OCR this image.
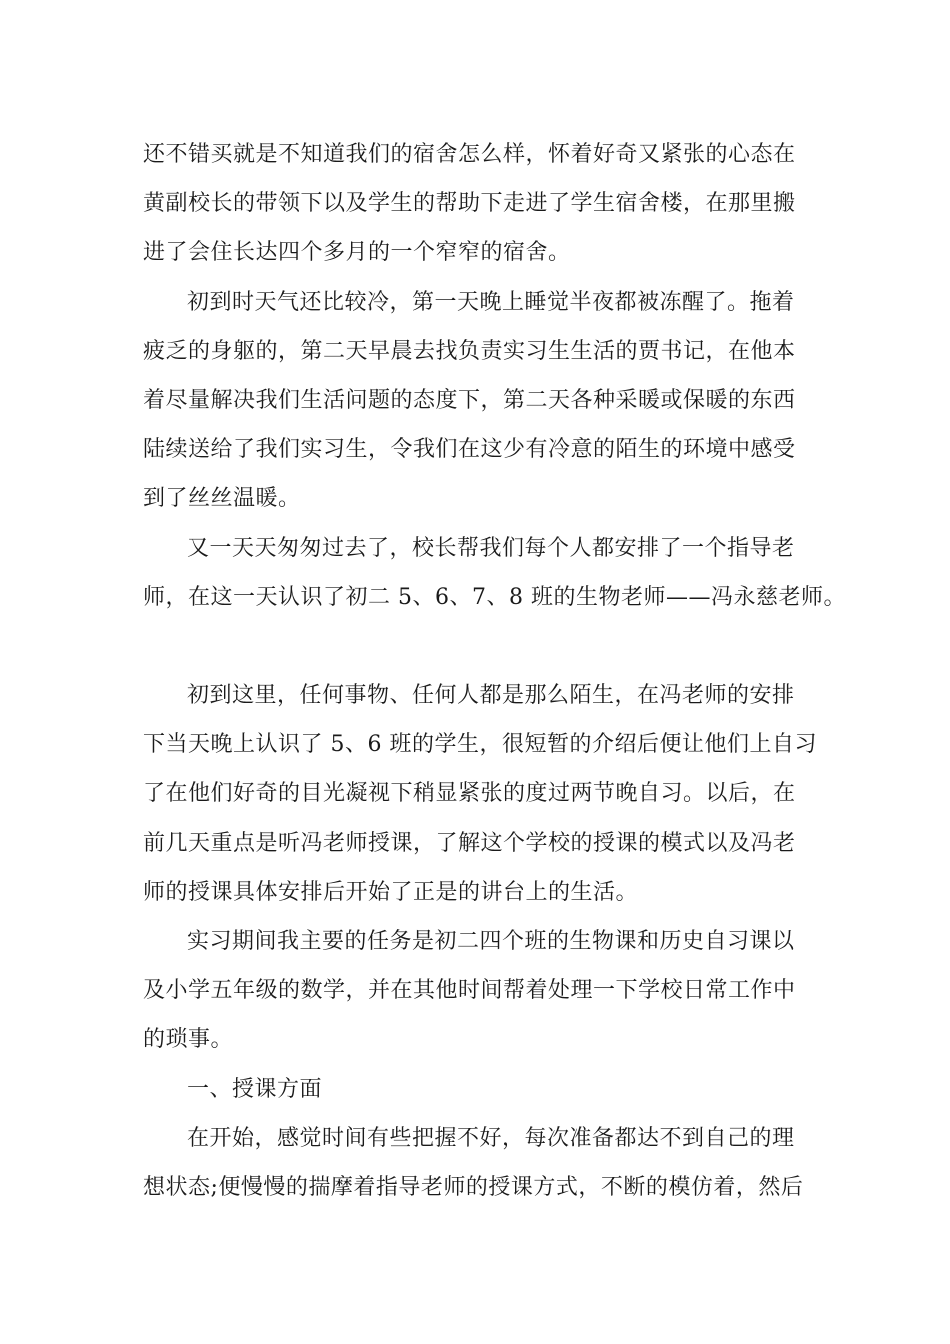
还不错买就是不知道我们的宿舍怎么样，怀着好奇又紧张的心态在
黄副校长的带领下以及学生的帮助下走进了学生宿舍楼，在那里搬
进了会住长达四个多月的一个窄窄的宿舍。
初到时天气还比较冷，第一天晚上睡觉半夜都被冻醒了。拖着
疲乏的身躯的，第二天早晨去找负责实习生生活的贾书记，在他本
着尽量解决我们生活问题的态度下，第二天各种采暖或保暖的东西
陆续送给了我们实习生，令我们在这少有冷意的陌生的环境中感受
到了丝丝温暖。
又一天天匆匆过去了，校长帮我们每个人都安排了一个指导老
师，在这一天认识了初二 5、6、7、8 班的生物老师——冯永慈老师。
初到这里，任何事物、任何人都是那么陌生，在冯老师的安排
下当天晚上认识了 5、6 班的学生，很短暂的介绍后便让他们上自习
了在他们好奇的目光凝视下稍显紧张的度过两节晚自习。以后，在
前几天重点是听冯老师授课，了解这个学校的授课的模式以及冯老
师的授课具体安排后开始了正是的讲台上的生活。
实习期间我主要的任务是初二四个班的生物课和历史自习课以
及小学五年级的数学，并在其他时间帮着处理一下学校日常工作中
的琐事。
一、授课方面
在开始，感觉时间有些把握不好，每次准备都达不到自己的理
想状态;便慢慢的揣摩着指导老师的授课方式，不断的模仿着，然后
